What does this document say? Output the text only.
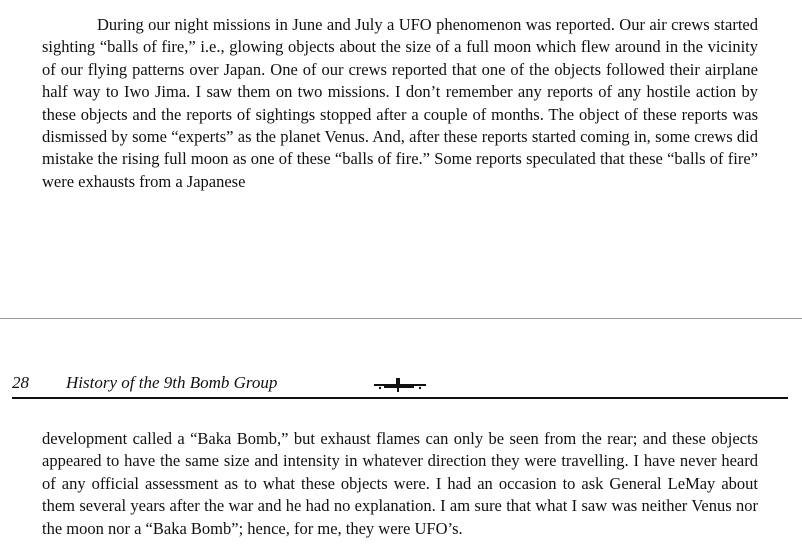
During our night missions in June and July a UFO phenomenon was reported. Our air crews started sighting “balls of fire,” i.e., glowing objects about the size of a full moon which flew around in the vicinity of our flying patterns over Japan. One of our crews reported that one of the objects followed their airplane half way to Iwo Jima. I saw them on two missions. I don’t remember any reports of any hostile action by these objects and the reports of sightings stopped after a couple of months. The object of these reports was dismissed by some “experts” as the planet Venus. And, after these reports started coming in, some crews did mistake the rising full moon as one of these “balls of fire.” Some reports speculated that these “balls of fire” were exhausts from a Japanese

28 History of the 9th Bomb Group

development called a “Baka Bomb,” but exhaust flames can only be seen from the rear; and these objects appeared to have the same size and intensity in whatever direction they were travelling. I have never heard of any official assessment as to what these objects were. I had an occasion to ask General LeMay about them several years after the war and he had no explanation. I am sure that what I saw was neither Venus nor the moon nor a “Baka Bomb”; hence, for me, they were UFO’s.
